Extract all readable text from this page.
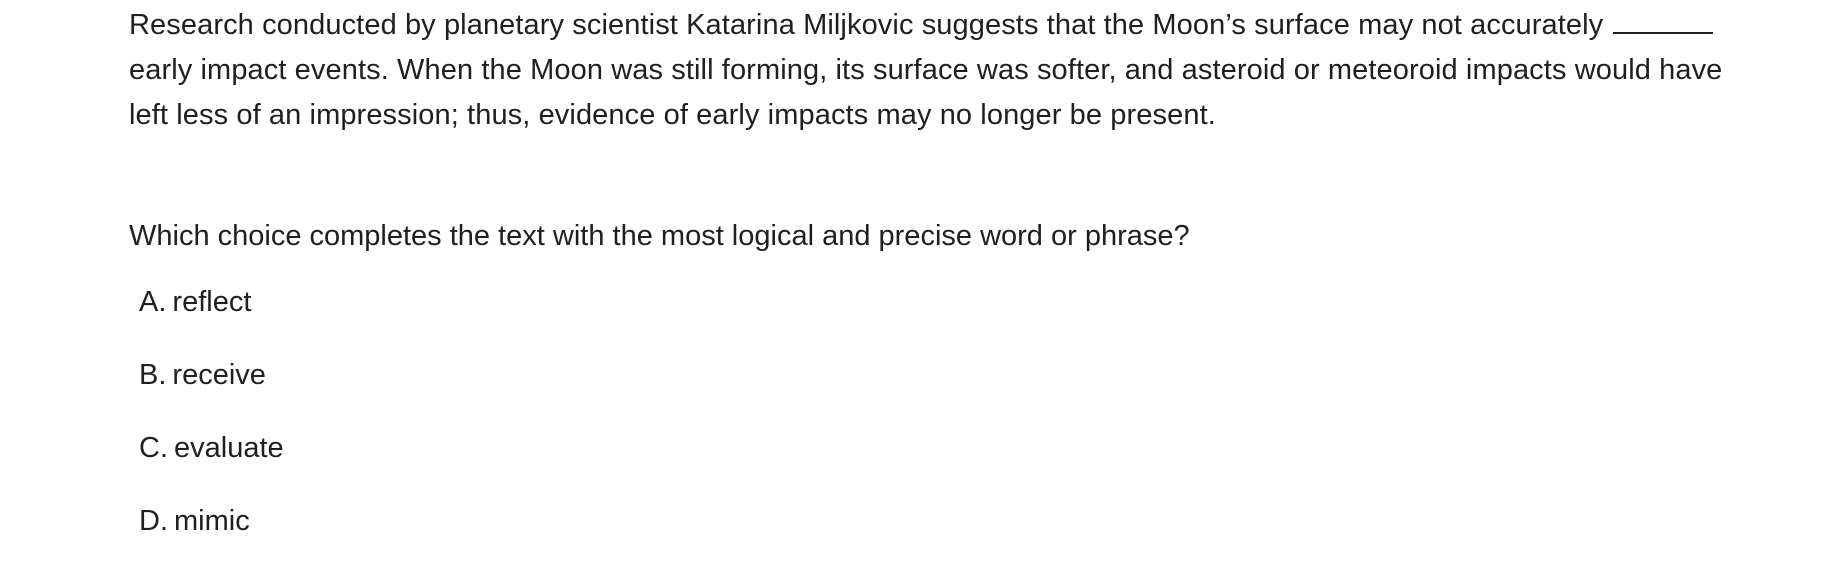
Research conducted by planetary scientist Katarina Miljkovic suggests that the Moon’s surface may not accurately  early impact events. When the Moon was still forming, its surface was softer, and asteroid or meteoroid impacts would have left less of an impression; thus, evidence of early impacts may no longer be present.

Which choice completes the text with the most logical and precise word or phrase?

A. reflect
B. receive
C. evaluate
D. mimic
